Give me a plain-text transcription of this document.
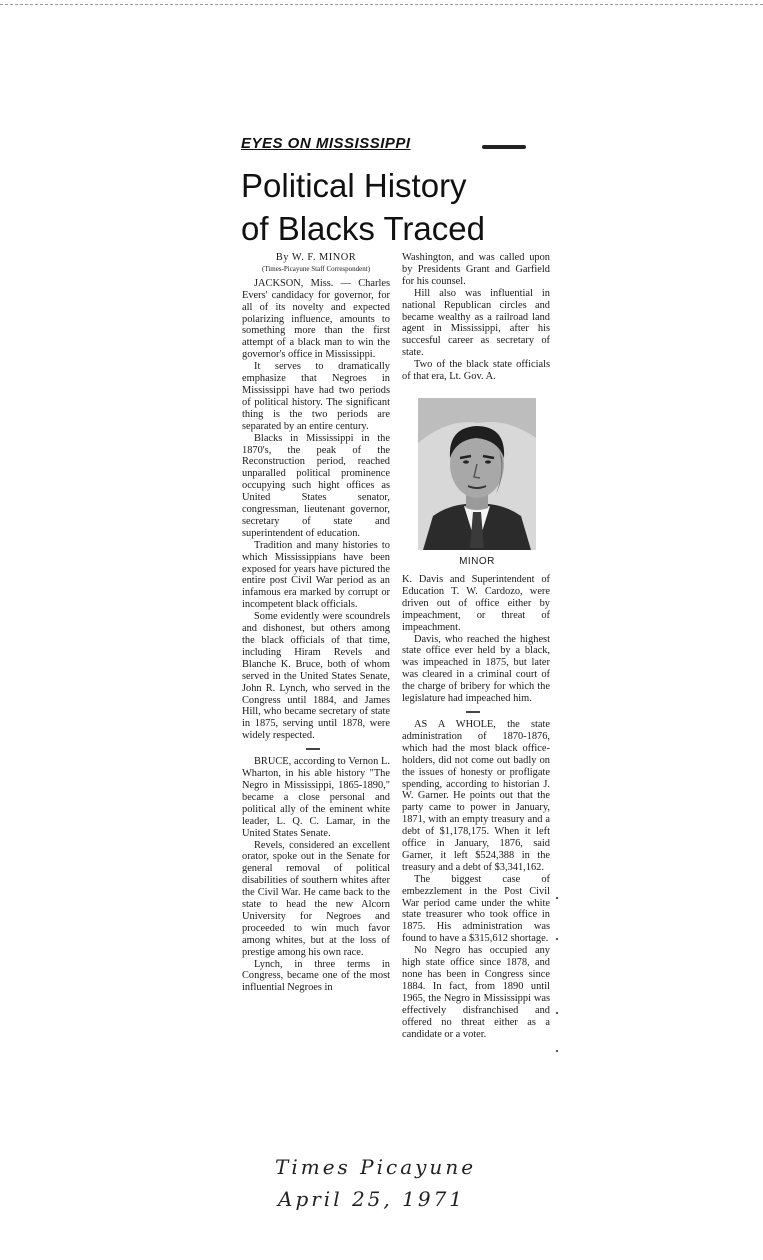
EYES ON MISSISSIPPI
Political History
of Blacks Traced

By W. F. MINOR

(Times-Picayune Staff Correspondent)

JACKSON, Miss. — Charles Evers' candidacy for governor, for all of its novelty and expected polarizing influence, amounts to something more than the first attempt of a black man to win the governor's office in Mississippi.

It serves to dramatically emphasize that Negroes in Mississippi have had two periods of political history. The significant thing is the two periods are separated by an entire century.

Blacks in Mississippi in the 1870's, the peak of the Reconstruction period, reached unparalled political prominence occupying such hight offices as United States senator, congressman, lieutenant governor, secretary of state and superintendent of education.

Tradition and many histories to which Mississippians have been exposed for years have pictured the entire post Civil War period as an infamous era marked by corrupt or incompetent black officials.

Some evidently were scoundrels and dishonest, but others among the black officials of that time, including Hiram Revels and Blanche K. Bruce, both of whom served in the United States Senate, John R. Lynch, who served in the Congress until 1884, and James Hill, who became secretary of state in 1875, serving until 1878, were widely respected.

BRUCE, according to Vernon L. Wharton, in his able history "The Negro in Mississippi, 1865-1890," became a close personal and political ally of the eminent white leader, L. Q. C. Lamar, in the United States Senate.

Revels, considered an excellent orator, spoke out in the Senate for general removal of political disabilities of southern whites after the Civil War. He came back to the state to head the new Alcorn University for Negroes and proceeded to win much favor among whites, but at the loss of prestige among his own race.

Lynch, in three terms in Congress, became one of the most influential Negroes in

Washington, and was called upon by Presidents Grant and Garfield for his counsel.

Hill also was influential in national Republican circles and became wealthy as a railroad land agent in Mississippi, after his succesful career as secretary of state.

Two of the black state officials of that era, Lt. Gov. A.

MINOR

K. Davis and Superintendent of Education T. W. Cardozo, were driven out of office either by impeachment, or threat of impeachment.

Davis, who reached the highest state office ever held by a black, was impeached in 1875, but later was cleared in a criminal court of the charge of bribery for which the legislature had impeached him.

AS A WHOLE, the state administration of 1870-1876, which had the most black office-holders, did not come out badly on the issues of honesty or profligate spending, according to historian J. W. Garner. He points out that the party came to power in January, 1871, with an empty treasury and a debt of $1,178,175. When it left office in January, 1876, said Garner, it left $524,388 in the treasury and a debt of $3,341,162.

The biggest case of embezzlement in the Post Civil War period came under the white state treasurer who took office in 1875. His administration was found to have a $315,612 shortage.

No Negro has occupied any high state office since 1878, and none has been in Congress since 1884. In fact, from 1890 until 1965, the Negro in Mississippi was effectively disfranchised and offered no threat either as a candidate or a voter.

Times Picayune
April 25, 1971
